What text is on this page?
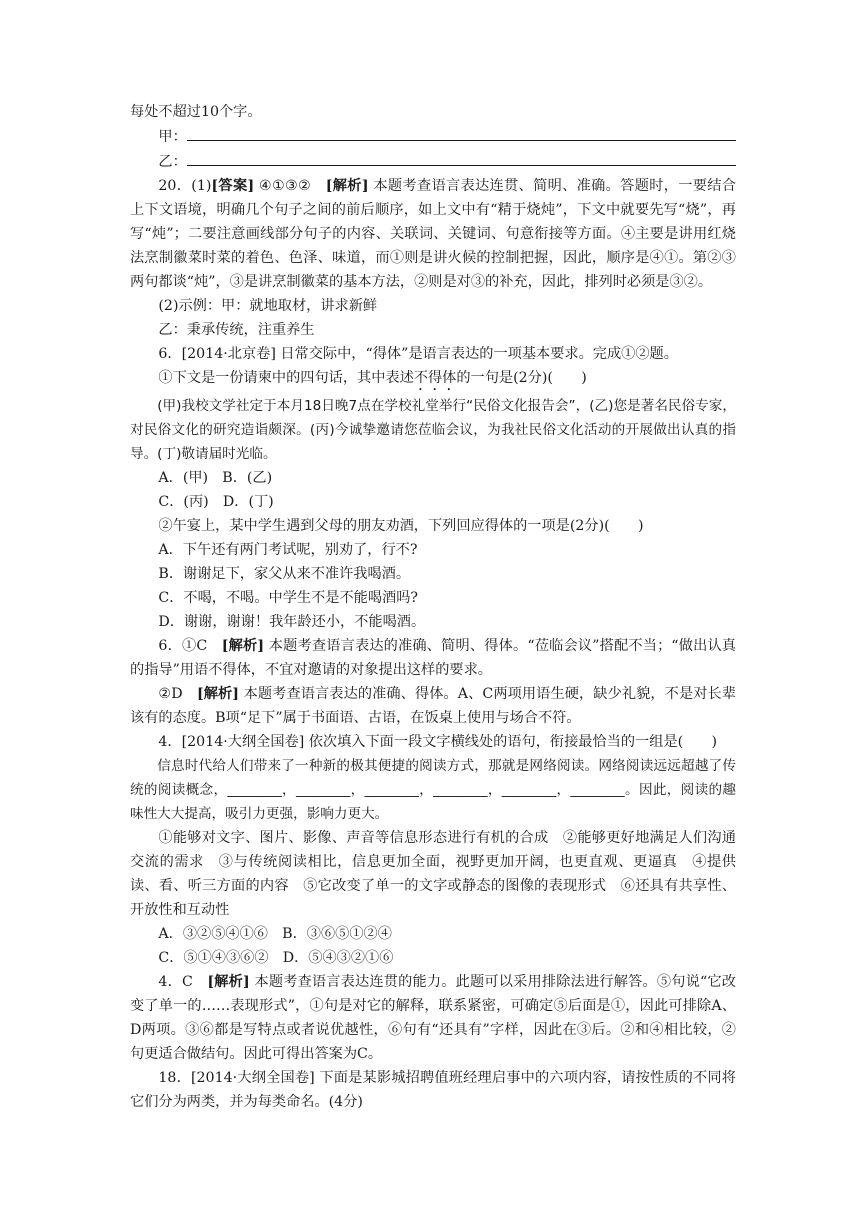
每处不超过10个字。

甲：
乙：

20．(1)[答案] ④①③②　[解析] 本题考查语言表达连贯、简明、准确。答题时，一要结合上下文语境，明确几个句子之间的前后顺序，如上文中有“精于烧炖”，下文中就要先写“烧”，再写“炖”；二要注意画线部分句子的内容、关联词、关键词、句意衔接等方面。④主要是讲用红烧法烹制徽菜时菜的着色、色泽、味道，而①则是讲火候的控制把握，因此，顺序是④①。第②③两句都谈“炖”，③是讲烹制徽菜的基本方法，②则是对③的补充，因此，排列时必须是③②。

(2)示例：甲：就地取材，讲求新鲜

乙：秉承传统，注重养生

6．[2014·北京卷] 日常交际中，“得体”是语言表达的一项基本要求。完成①②题。

①下文是一份请柬中的四句话，其中表述不得体的一句是(2分)(　　)

(甲)我校文学社定于本月18日晚7点在学校礼堂举行“民俗文化报告会”，(乙)您是著名民俗专家，对民俗文化的研究造诣颇深。(丙)今诚挚邀请您莅临会议，为我社民俗文化活动的开展做出认真的指导。(丁)敬请届时光临。

A．(甲)　B．(乙)

C．(丙)　D．(丁)

②午宴上，某中学生遇到父母的朋友劝酒，下列回应得体的一项是(2分)(　　)

A．下午还有两门考试呢，别劝了，行不?

B．谢谢足下，家父从来不准许我喝酒。

C．不喝，不喝。中学生不是不能喝酒吗?

D．谢谢，谢谢！我年龄还小，不能喝酒。

6．①C　[解析] 本题考查语言表达的准确、简明、得体。“莅临会议”搭配不当；“做出认真的指导”用语不得体，不宜对邀请的对象提出这样的要求。

②D　[解析] 本题考查语言表达的准确、得体。A、C两项用语生硬，缺少礼貌，不是对长辈该有的态度。B项“足下”属于书面语、古语，在饭桌上使用与场合不符。

4．[2014·大纲全国卷] 依次填入下面一段文字横线处的语句，衔接最恰当的一组是(　　)

信息时代给人们带来了一种新的极其便捷的阅读方式，那就是网络阅读。网络阅读远远超越了传统的阅读概念，________，________，________，________，________，________。因此，阅读的趣味性大大提高，吸引力更强，影响力更大。

①能够对文字、图片、影像、声音等信息形态进行有机的合成　②能够更好地满足人们沟通交流的需求　③与传统阅读相比，信息更加全面，视野更加开阔，也更直观、更逼真　④提供读、看、听三方面的内容　⑤它改变了单一的文字或静态的图像的表现形式　⑥还具有共享性、开放性和互动性

A．③②⑤④①⑥　B．③⑥⑤①②④

C．⑤①④③⑥②　D．⑤④③②①⑥

4．C　[解析] 本题考查语言表达连贯的能力。此题可以采用排除法进行解答。⑤句说“它改变了单一的……表现形式”，①句是对它的解释，联系紧密，可确定⑤后面是①，因此可排除A、D两项。③⑥都是写特点或者说优越性，⑥句有“还具有”字样，因此在③后。②和④相比较，②句更适合做结句。因此可得出答案为C。

18．[2014·大纲全国卷] 下面是某影城招聘值班经理启事中的六项内容，请按性质的不同将它们分为两类，并为每类命名。(4分)
